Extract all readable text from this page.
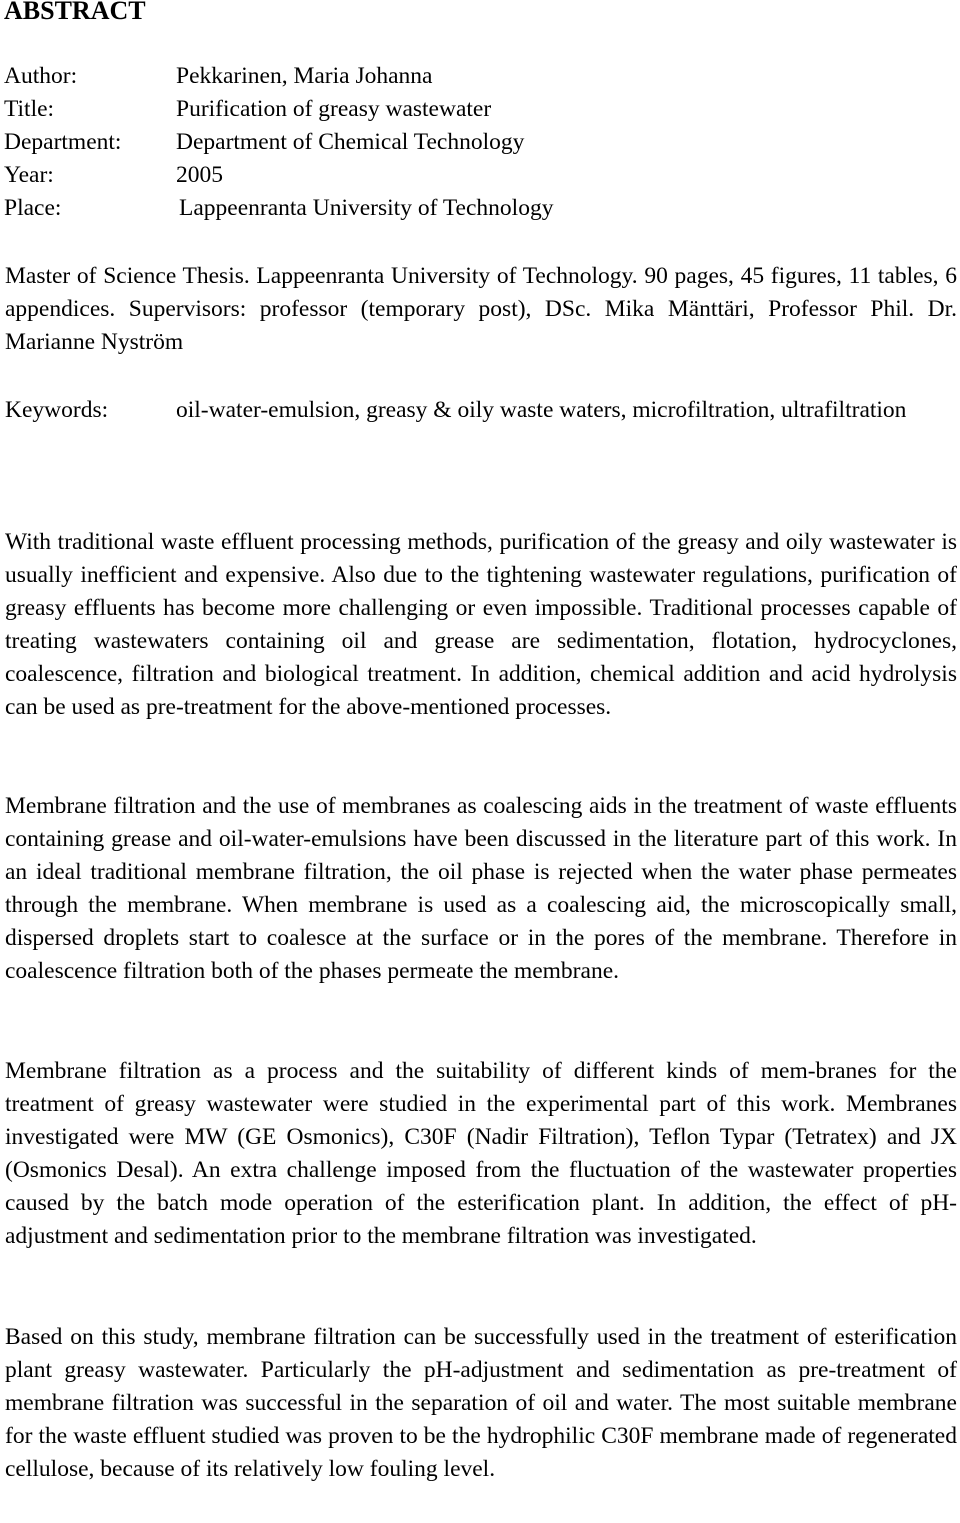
ABSTRACT
Author:	Pekkarinen, Maria Johanna
Title:	Purification of greasy wastewater
Department: Department of Chemical Technology
Year:	2005
Place:	Lappeenranta University of Technology

Master of Science Thesis. Lappeenranta University of Technology. 90 pages, 45 figures, 11 tables, 6 appendices. Supervisors: professor (temporary post), DSc. Mika Mänttäri, Professor Phil. Dr. Marianne Nyström

Keywords:	oil-water-emulsion, greasy & oily waste waters, microfiltration, ultrafiltration

With traditional waste effluent processing methods, purification of the greasy and oily wastewater is usually inefficient and expensive. Also due to the tightening wastewater regulations, purification of greasy effluents has become more challenging or even impossible. Traditional processes capable of treating wastewaters containing oil and grease are sedimentation, flotation, hydrocyclones, coalescence, filtration and biological treatment. In addition, chemical addition and acid hydrolysis can be used as pre-treatment for the above-mentioned processes.

Membrane filtration and the use of membranes as coalescing aids in the treatment of waste effluents containing grease and oil-water-emulsions have been discussed in the literature part of this work. In an ideal traditional membrane filtration, the oil phase is rejected when the water phase permeates through the membrane. When membrane is used as a coalescing aid, the microscopically small, dispersed droplets start to coalesce at the surface or in the pores of the membrane. Therefore in coalescence filtration both of the phases permeate the membrane.

Membrane filtration as a process and the suitability of different kinds of mem-branes for the treatment of greasy wastewater were studied in the experimental part of this work. Membranes investigated were MW (GE Osmonics), C30F (Nadir Filtration), Teflon Typar (Tetratex) and JX (Osmonics Desal). An extra challenge imposed from the fluctuation of the wastewater properties caused by the batch mode operation of the esterification plant. In addition, the effect of pH-adjustment and sedimentation prior to the membrane filtration was investigated.

Based on this study, membrane filtration can be successfully used in the treatment of esterification plant greasy wastewater. Particularly the pH-adjustment and sedimentation as pre-treatment of membrane filtration was successful in the separation of oil and water. The most suitable membrane for the waste effluent studied was proven to be the hydrophilic C30F membrane made of regenerated cellulose, because of its relatively low fouling level.
